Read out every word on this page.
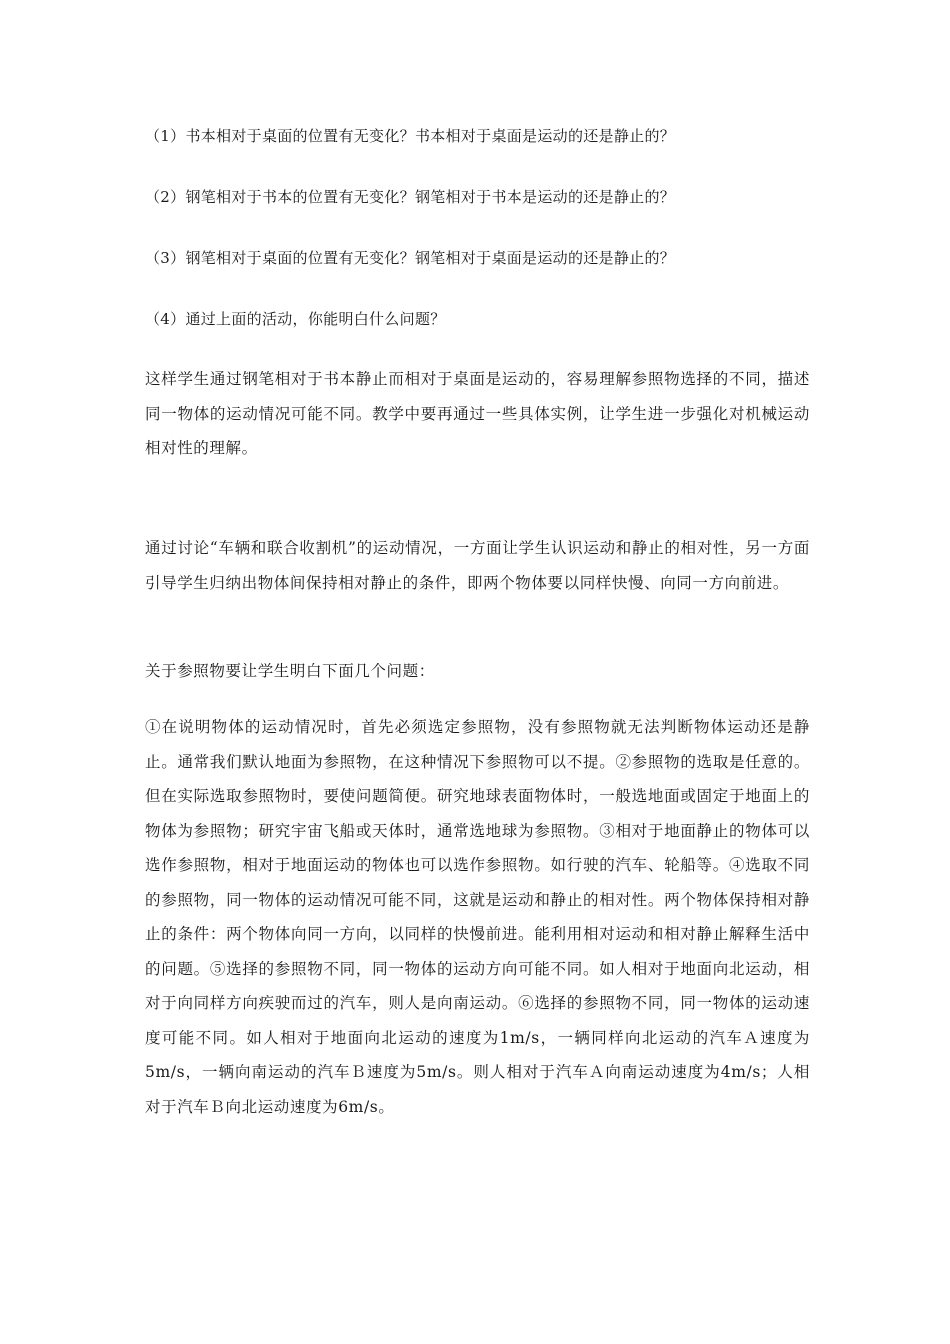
（1）书本相对于桌面的位置有无变化？书本相对于桌面是运动的还是静止的？
（2）钢笔相对于书本的位置有无变化？钢笔相对于书本是运动的还是静止的？
（3）钢笔相对于桌面的位置有无变化？钢笔相对于桌面是运动的还是静止的？
（4）通过上面的活动，你能明白什么问题？
这样学生通过钢笔相对于书本静止而相对于桌面是运动的，容易理解参照物选择的不同，描述同一物体的运动情况可能不同。教学中要再通过一些具体实例，让学生进一步强化对机械运动相对性的理解。
通过讨论“车辆和联合收割机”的运动情况，一方面让学生认识运动和静止的相对性，另一方面引导学生归纳出物体间保持相对静止的条件，即两个物体要以同样快慢、向同一方向前进。
关于参照物要让学生明白下面几个问题：
①在说明物体的运动情况时，首先必须选定参照物，没有参照物就无法判断物体运动还是静止。通常我们默认地面为参照物，在这种情况下参照物可以不提。②参照物的选取是任意的。但在实际选取参照物时，要使问题简便。研究地球表面物体时，一般选地面或固定于地面上的物体为参照物；研究宇宙飞船或天体时，通常选地球为参照物。③相对于地面静止的物体可以选作参照物，相对于地面运动的物体也可以选作参照物。如行驶的汽车、轮船等。④选取不同的参照物，同一物体的运动情况可能不同，这就是运动和静止的相对性。两个物体保持相对静止的条件：两个物体向同一方向，以同样的快慢前进。能利用相对运动和相对静止解释生活中的问题。⑤选择的参照物不同，同一物体的运动方向可能不同。如人相对于地面向北运动，相对于向同样方向疾驶而过的汽车，则人是向南运动。⑥选择的参照物不同，同一物体的运动速度可能不同。如人相对于地面向北运动的速度为1m/s，一辆同样向北运动的汽车Ａ速度为5m/s，一辆向南运动的汽车Ｂ速度为5m/s。则人相对于汽车Ａ向南运动速度为4m/s；人相对于汽车Ｂ向北运动速度为6m/s。
